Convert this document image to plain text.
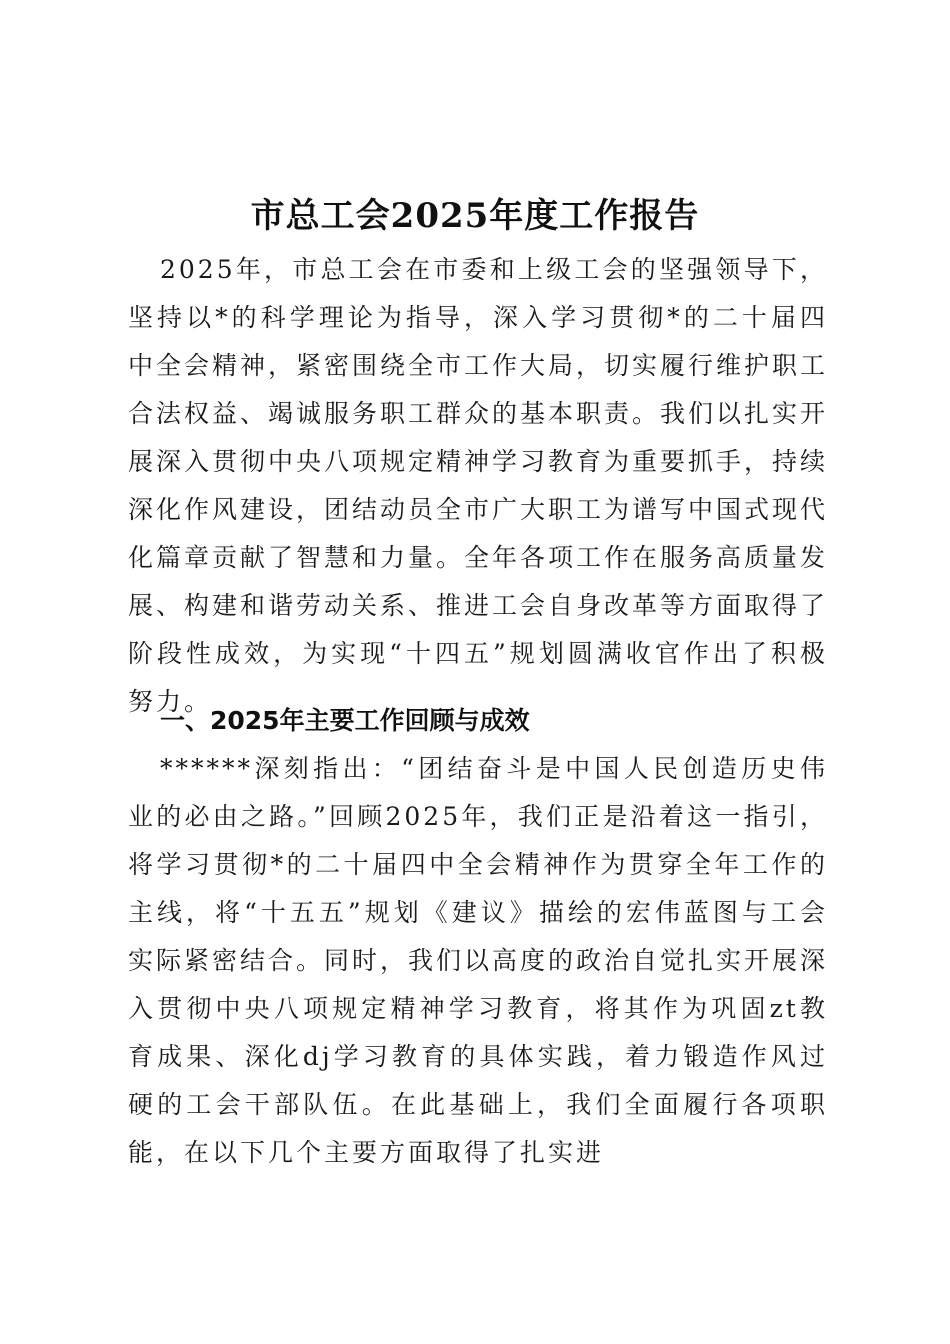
市总工会2025年度工作报告

2025年，市总工会在市委和上级工会的坚强领导下，坚持以*的科学理论为指导，深入学习贯彻*的二十届四中全会精神，紧密围绕全市工作大局，切实履行维护职工合法权益、竭诚服务职工群众的基本职责。我们以扎实开展深入贯彻中央八项规定精神学习教育为重要抓手，持续深化作风建设，团结动员全市广大职工为谱写中国式现代化篇章贡献了智慧和力量。全年各项工作在服务高质量发展、构建和谐劳动关系、推进工会自身改革等方面取得了阶段性成效，为实现“十四五”规划圆满收官作出了积极努力。

一、2025年主要工作回顾与成效

******深刻指出：“团结奋斗是中国人民创造历史伟业的必由之路。”回顾2025年，我们正是沿着这一指引，将学习贯彻*的二十届四中全会精神作为贯穿全年工作的主线，将“十五五”规划《建议》描绘的宏伟蓝图与工会实际紧密结合。同时，我们以高度的政治自觉扎实开展深入贯彻中央八项规定精神学习教育，将其作为巩固zt教育成果、深化dj学习教育的具体实践，着力锻造作风过硬的工会干部队伍。在此基础上，我们全面履行各项职能，在以下几个主要方面取得了扎实进
